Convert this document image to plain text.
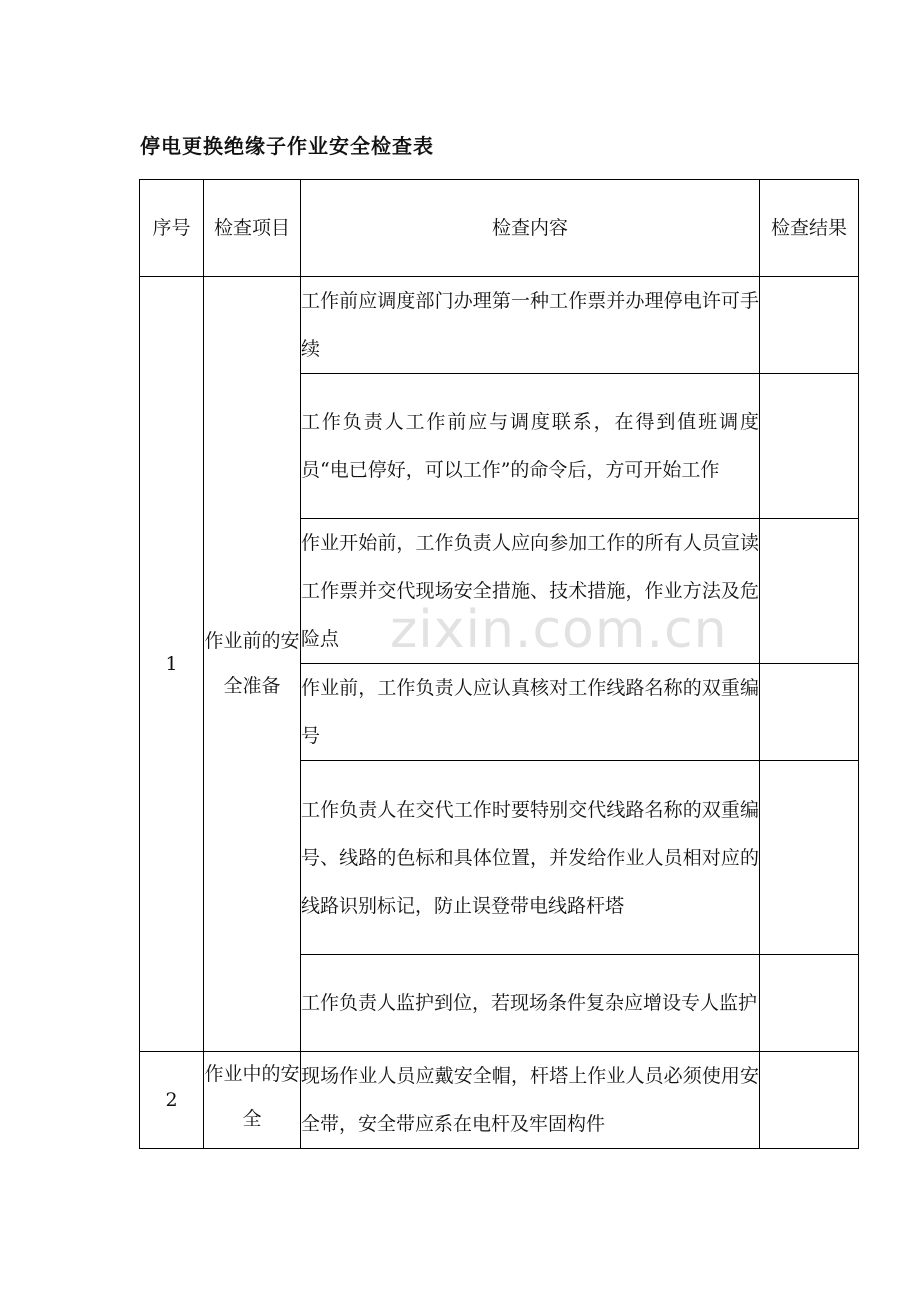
停电更换绝缘子作业安全检查表
序号	检查项目	检查内容	检查结果
1	作业前的安全准备	工作前应调度部门办理第一种工作票并办理停电许可手续	
		工作负责人工作前应与调度联系，在得到值班调度员“电已停好，可以工作”的命令后，方可开始工作	
		作业开始前，工作负责人应向参加工作的所有人员宣读工作票并交代现场安全措施、技术措施，作业方法及危险点	
		作业前，工作负责人应认真核对工作线路名称的双重编号	
		工作负责人在交代工作时要特别交代线路名称的双重编号、线路的色标和具体位置，并发给作业人员相对应的线路识别标记，防止误登带电线路杆塔	
		工作负责人监护到位，若现场条件复杂应增设专人监护	
2	作业中的安全	现场作业人员应戴安全帽，杆塔上作业人员必须使用安全带，安全带应系在电杆及牢固构件	
zixin.com.cn
